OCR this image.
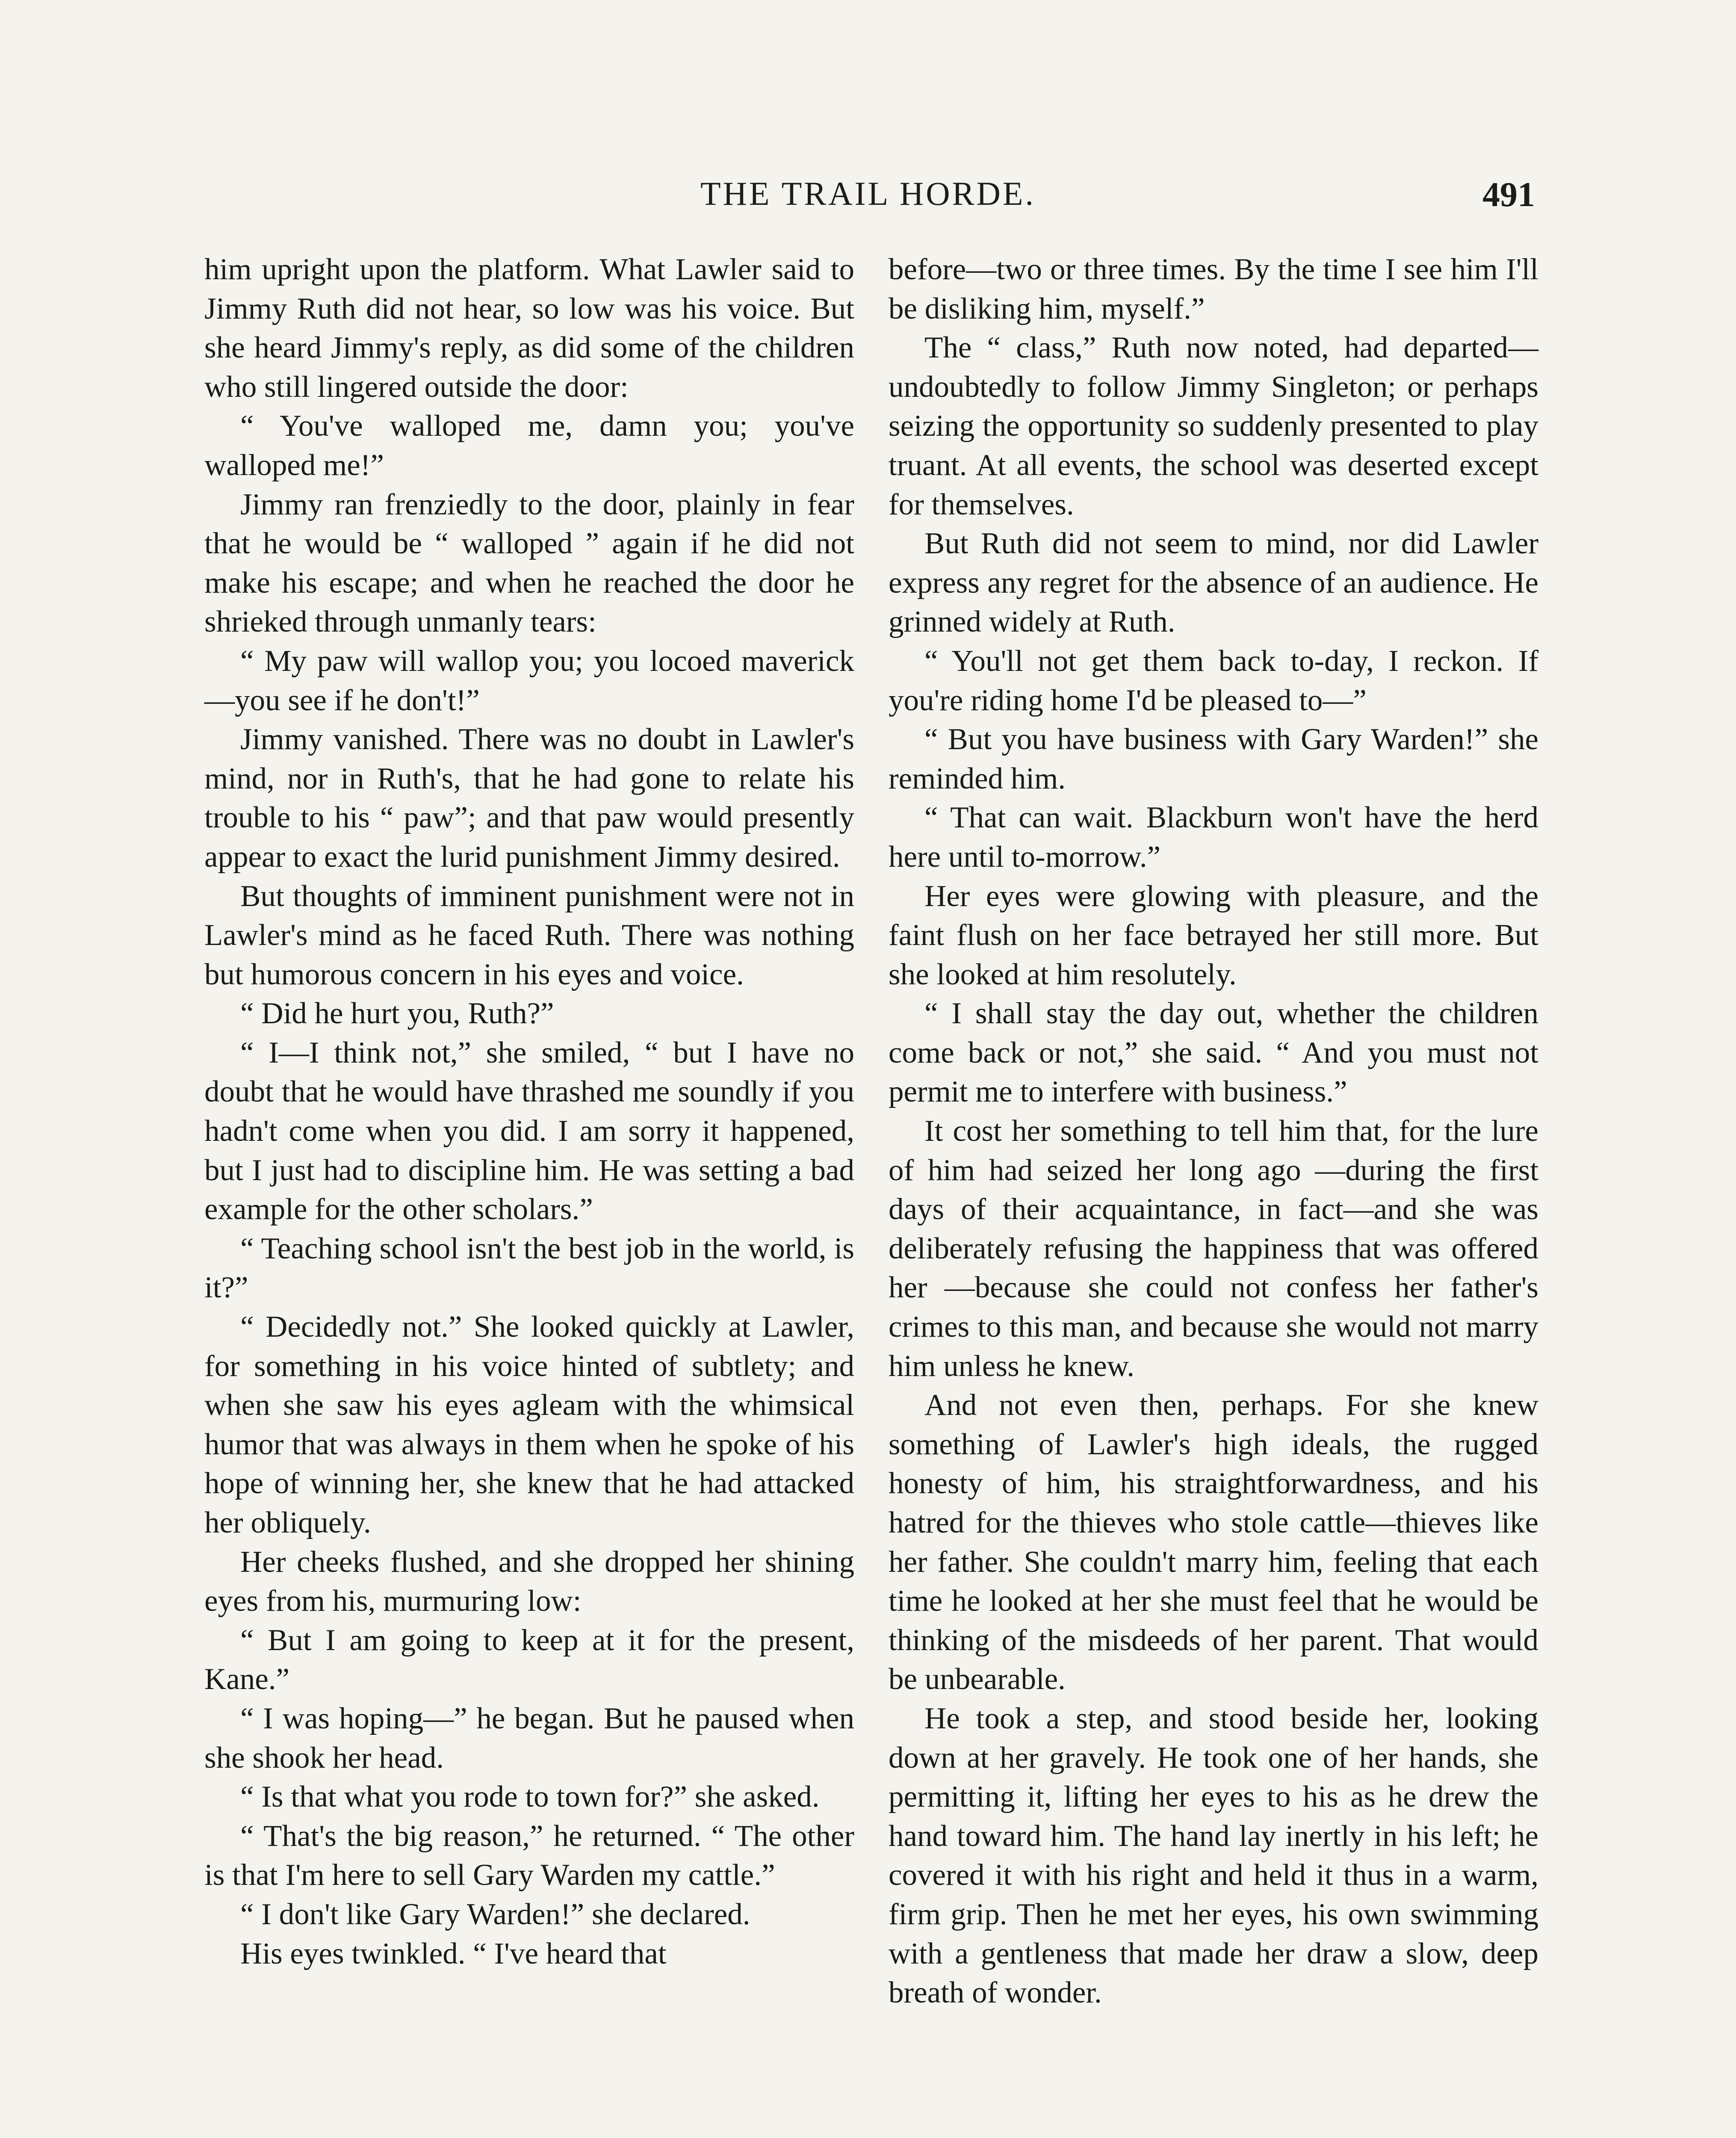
THE TRAIL HORDE.	491

him upright upon the platform. What Lawler said to Jimmy Ruth did not hear, so low was his voice. But she heard Jimmy's reply, as did some of the children who still lingered outside the door:

“ You've walloped me, damn you; you've walloped me!”

Jimmy ran frenziedly to the door, plainly in fear that he would be “ walloped ” again if he did not make his escape; and when he reached the door he shrieked through unmanly tears:

“ My paw will wallop you; you locoed maverick—you see if he don't!”

Jimmy vanished. There was no doubt in Lawler's mind, nor in Ruth's, that he had gone to relate his trouble to his “ paw”; and that paw would presently appear to exact the lurid punishment Jimmy desired.

But thoughts of imminent punishment were not in Lawler's mind as he faced Ruth. There was nothing but humorous concern in his eyes and voice.

“ Did he hurt you, Ruth?”

“ I—I think not,” she smiled, “ but I have no doubt that he would have thrashed me soundly if you hadn't come when you did. I am sorry it happened, but I just had to discipline him. He was setting a bad example for the other scholars.”

“ Teaching school isn't the best job in the world, is it?”

“ Decidedly not.” She looked quickly at Lawler, for something in his voice hinted of subtlety; and when she saw his eyes agleam with the whimsical humor that was always in them when he spoke of his hope of winning her, she knew that he had attacked her obliquely.

Her cheeks flushed, and she dropped her shining eyes from his, murmuring low:

“ But I am going to keep at it for the present, Kane.”

“ I was hoping—” he began. But he paused when she shook her head.

“ Is that what you rode to town for?” she asked.

“ That's the big reason,” he returned. “ The other is that I'm here to sell Gary Warden my cattle.”

“ I don't like Gary Warden!” she declared.

His eyes twinkled. “ I've heard that

before—two or three times. By the time I see him I'll be disliking him, myself.”

The “ class,” Ruth now noted, had departed—undoubtedly to follow Jimmy Singleton; or perhaps seizing the opportunity so suddenly presented to play truant. At all events, the school was deserted except for themselves.

But Ruth did not seem to mind, nor did Lawler express any regret for the absence of an audience. He grinned widely at Ruth.

“ You'll not get them back to-day, I reckon. If you're riding home I'd be pleased to—”

“ But you have business with Gary Warden!” she reminded him.

“ That can wait. Blackburn won't have the herd here until to-morrow.”

Her eyes were glowing with pleasure, and the faint flush on her face betrayed her still more. But she looked at him resolutely.

“ I shall stay the day out, whether the children come back or not,” she said. “ And you must not permit me to interfere with business.”

It cost her something to tell him that, for the lure of him had seized her long ago —during the first days of their acquaintance, in fact—and she was deliberately refusing the happiness that was offered her —because she could not confess her father's crimes to this man, and because she would not marry him unless he knew.

And not even then, perhaps. For she knew something of Lawler's high ideals, the rugged honesty of him, his straightforwardness, and his hatred for the thieves who stole cattle—thieves like her father. She couldn't marry him, feeling that each time he looked at her she must feel that he would be thinking of the misdeeds of her parent. That would be unbearable.

He took a step, and stood beside her, looking down at her gravely. He took one of her hands, she permitting it, lifting her eyes to his as he drew the hand toward him. The hand lay inertly in his left; he covered it with his right and held it thus in a warm, firm grip. Then he met her eyes, his own swimming with a gentleness that made her draw a slow, deep breath of wonder.
